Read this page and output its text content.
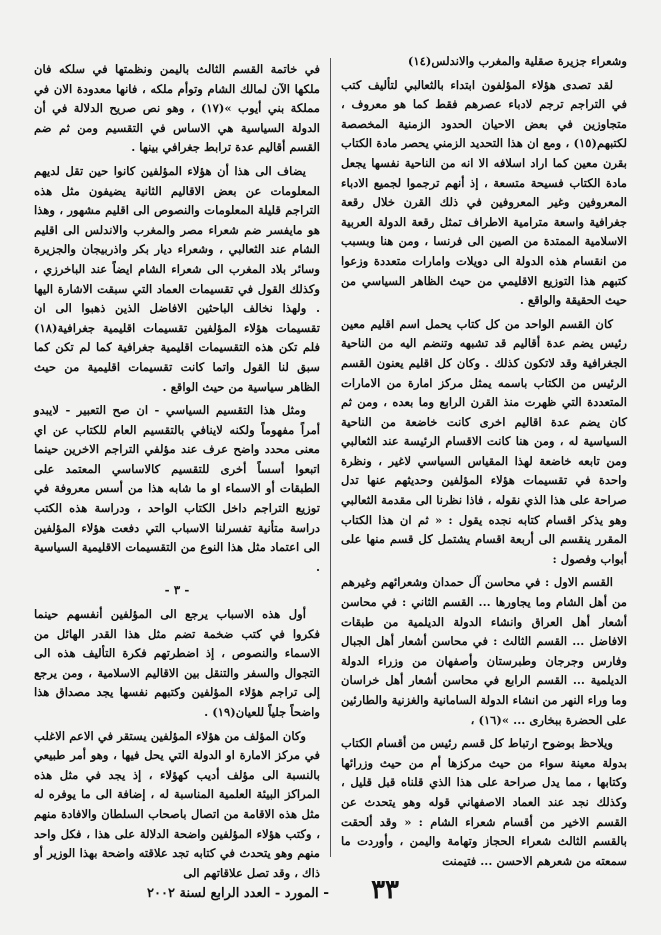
وشعراء جزيرة صقلية والمغرب والاندلس(١٤)

لقد تصدى هؤلاء المؤلفون ابتداء بالثعالبي لتأليف كتب في التراجم ترجم لادباء عصرهم فقط كما هو معروف ، متجاوزين في بعض الاحيان الحدود الزمنية المخصصة لكتبهم(١٥) ، ومع ان هذا التحديد الزمني يحصر مادة الكتاب بقرن معين كما اراد اسلافه الا انه من الناحية نفسها يجعل مادة الكتاب فسيحة متسعة ، إذ أنهم ترجموا لجميع الادباء المعروفين وغير المعروفين في ذلك القرن خلال رقعة جغرافية واسعة مترامية الاطراف تمثل رقعة الدولة العربية الاسلامية الممتدة من الصين الى فرنسا ، ومن هنا وبسبب من انقسام هذه الدولة الى دويلات وامارات متعددة وزعوا كتبهم هذا التوزيع الاقليمي من حيث الظاهر السياسي من حيث الحقيقة والواقع .

كان القسم الواحد من كل كتاب يحمل اسم اقليم معين رئيس يضم عدة أقاليم قد تشبهه وتنضم اليه من الناحية الجغرافية وقد لاتكون كذلك . وكان كل اقليم يعنون القسم الرئيس من الكتاب باسمه يمثل مركز امارة من الامارات المتعددة التي ظهرت منذ القرن الرابع وما بعده ، ومن ثم كان يضم عدة اقاليم اخرى كانت خاضعة من الناحية السياسية له ، ومن هنا كانت الاقسام الرئيسة عند الثعالبي ومن تابعه خاضعة لهذا المقياس السياسي لاغير ، ونظرة واحدة في تقسيمات هؤلاء المؤلفين وحديثهم عنها تدل صراحة على هذا الذي نقوله ، فاذا نظرنا الى مقدمة الثعالبي وهو يذكر اقسام كتابه نجده يقول : « ثم ان هذا الكتاب المقرر ينقسم الى أربعة اقسام يشتمل كل قسم منها على أبواب وفصول :

القسم الاول : في محاسن آل حمدان وشعرائهم وغيرهم من أهل الشام وما يجاورها ... القسم الثاني : في محاسن أشعار أهل العراق وانشاء الدولة الديلمية من طبقات الافاضل ... القسم الثالث : في محاسن أشعار أهل الجبال وفارس وجرجان وطبرستان وأصفهان من وزراء الدولة الديلمية ... القسم الرابع في محاسن أشعار أهل خراسان وما وراء النهر من انشاء الدولة السامانية والغزنية والطارئين على الحضرة ببخارى ... »(١٦) ،

ويلاحظ بوضوح ارتباط كل قسم رئيس من أقسام الكتاب بدولة معينة سواء من حيث مركزها أم من حيث وزرائها وكتابها ، مما يدل صراحة على هذا الذي قلناه قبل قليل ، وكذلك نجد عند العماد الاصفهاني قوله وهو يتحدث عن القسم الاخير من أقسام شعراء الشام : « وقد ألحقت بالقسم الثالث شعراء الحجاز وتهامة واليمن ، وأوردت ما سمعته من شعرهم الاحسن ... فتيمنت

في خاتمة القسم الثالث باليمن ونظمتها في سلكه فان ملكها الآن لمالك الشام وتوأم ملكه ، فانها معدودة الان في مملكة بني أيوب »(١٧) ، وهو نص صريح الدلالة في أن الدولة السياسية هي الاساس في التقسيم ومن ثم ضم القسم أقاليم عدة ترابط جغرافي بينها .

يضاف الى هذا أن هؤلاء المؤلفين كانوا حين تقل لديهم المعلومات عن بعض الاقاليم الثانية يضيفون مثل هذه التراجم قليلة المعلومات والنصوص الى اقليم مشهور ، وهذا هو مايفسر ضم شعراء مصر والمغرب والاندلس الى اقليم الشام عند الثعالبي ، وشعراء ديار بكر واذربيجان والجزيرة وسائر بلاد المغرب الى شعراء الشام ايضاً عند الباخرزي ، وكذلك القول في تقسيمات العماد التي سبقت الاشارة اليها . ولهذا نخالف الباحثين الافاضل الذين ذهبوا الى ان تقسيمات هؤلاء المؤلفين تقسيمات اقليمية جغرافية(١٨) فلم تكن هذه التقسيمات اقليمية جغرافية كما لم تكن كما سبق لنا القول واتما كانت تقسيمات اقليمية من حيث الظاهر سياسية من حيث الواقع .

ومثل هذا التقسيم السياسي - ان صح التعبير - لايبدو أمراً مفهوماً ولكنه لاينافي بالتقسيم العام للكتاب عن اي معنى محدد واضح عرف عند مؤلفي التراجم الاخرين حينما اتبعوا أسساً أخرى للتقسيم كالاساسي المعتمد على الطبقات أو الاسماء او ما شابه هذا من أسس معروفة في توزيع التراجم داخل الكتاب الواحد ، ودراسة هذه الكتب دراسة متأنية تفسرلنا الاسباب التي دفعت هؤلاء المؤلفين الى اعتماد مثل هذا النوع من التقسيمات الاقليمية السياسية .

- ٣ -

أول هذه الاسباب يرجع الى المؤلفين أنفسهم حينما فكروا في كتب ضخمة تضم مثل هذا القدر الهائل من الاسماء والنصوص ، إذ اضطرتهم فكرة التأليف هذه الى التجوال والسفر والتنقل بين الاقاليم الاسلامية ، ومن يرجع إلى تراجم هؤلاء المؤلفين وكتبهم نفسها يجد مصداق هذا واضحاً جلياً للعيان(١٩) .

وكان المؤلف من هؤلاء المؤلفين يستقر في الاعم الاغلب في مركز الامارة او الدولة التي يحل فيها ، وهو أمر طبيعي بالنسبة الى مؤلف أديب كهؤلاء ، إذ يجد في مثل هذه المراكز البيئة العلمية المناسبة له ، إضافة الى ما يوفره له مثل هذه الاقامة من اتصال باصحاب السلطان والافادة منهم ، وكتب هؤلاء المؤلفين واضحة الدلالة على هذا ، فكل واحد منهم وهو يتحدث في كتابه تجد علاقته واضحة بهذا الوزير أو ذاك ، وقد تصل علاقاتهم الى

٣٣
- المورد - العدد الرابع لسنة ٢٠٠٢
